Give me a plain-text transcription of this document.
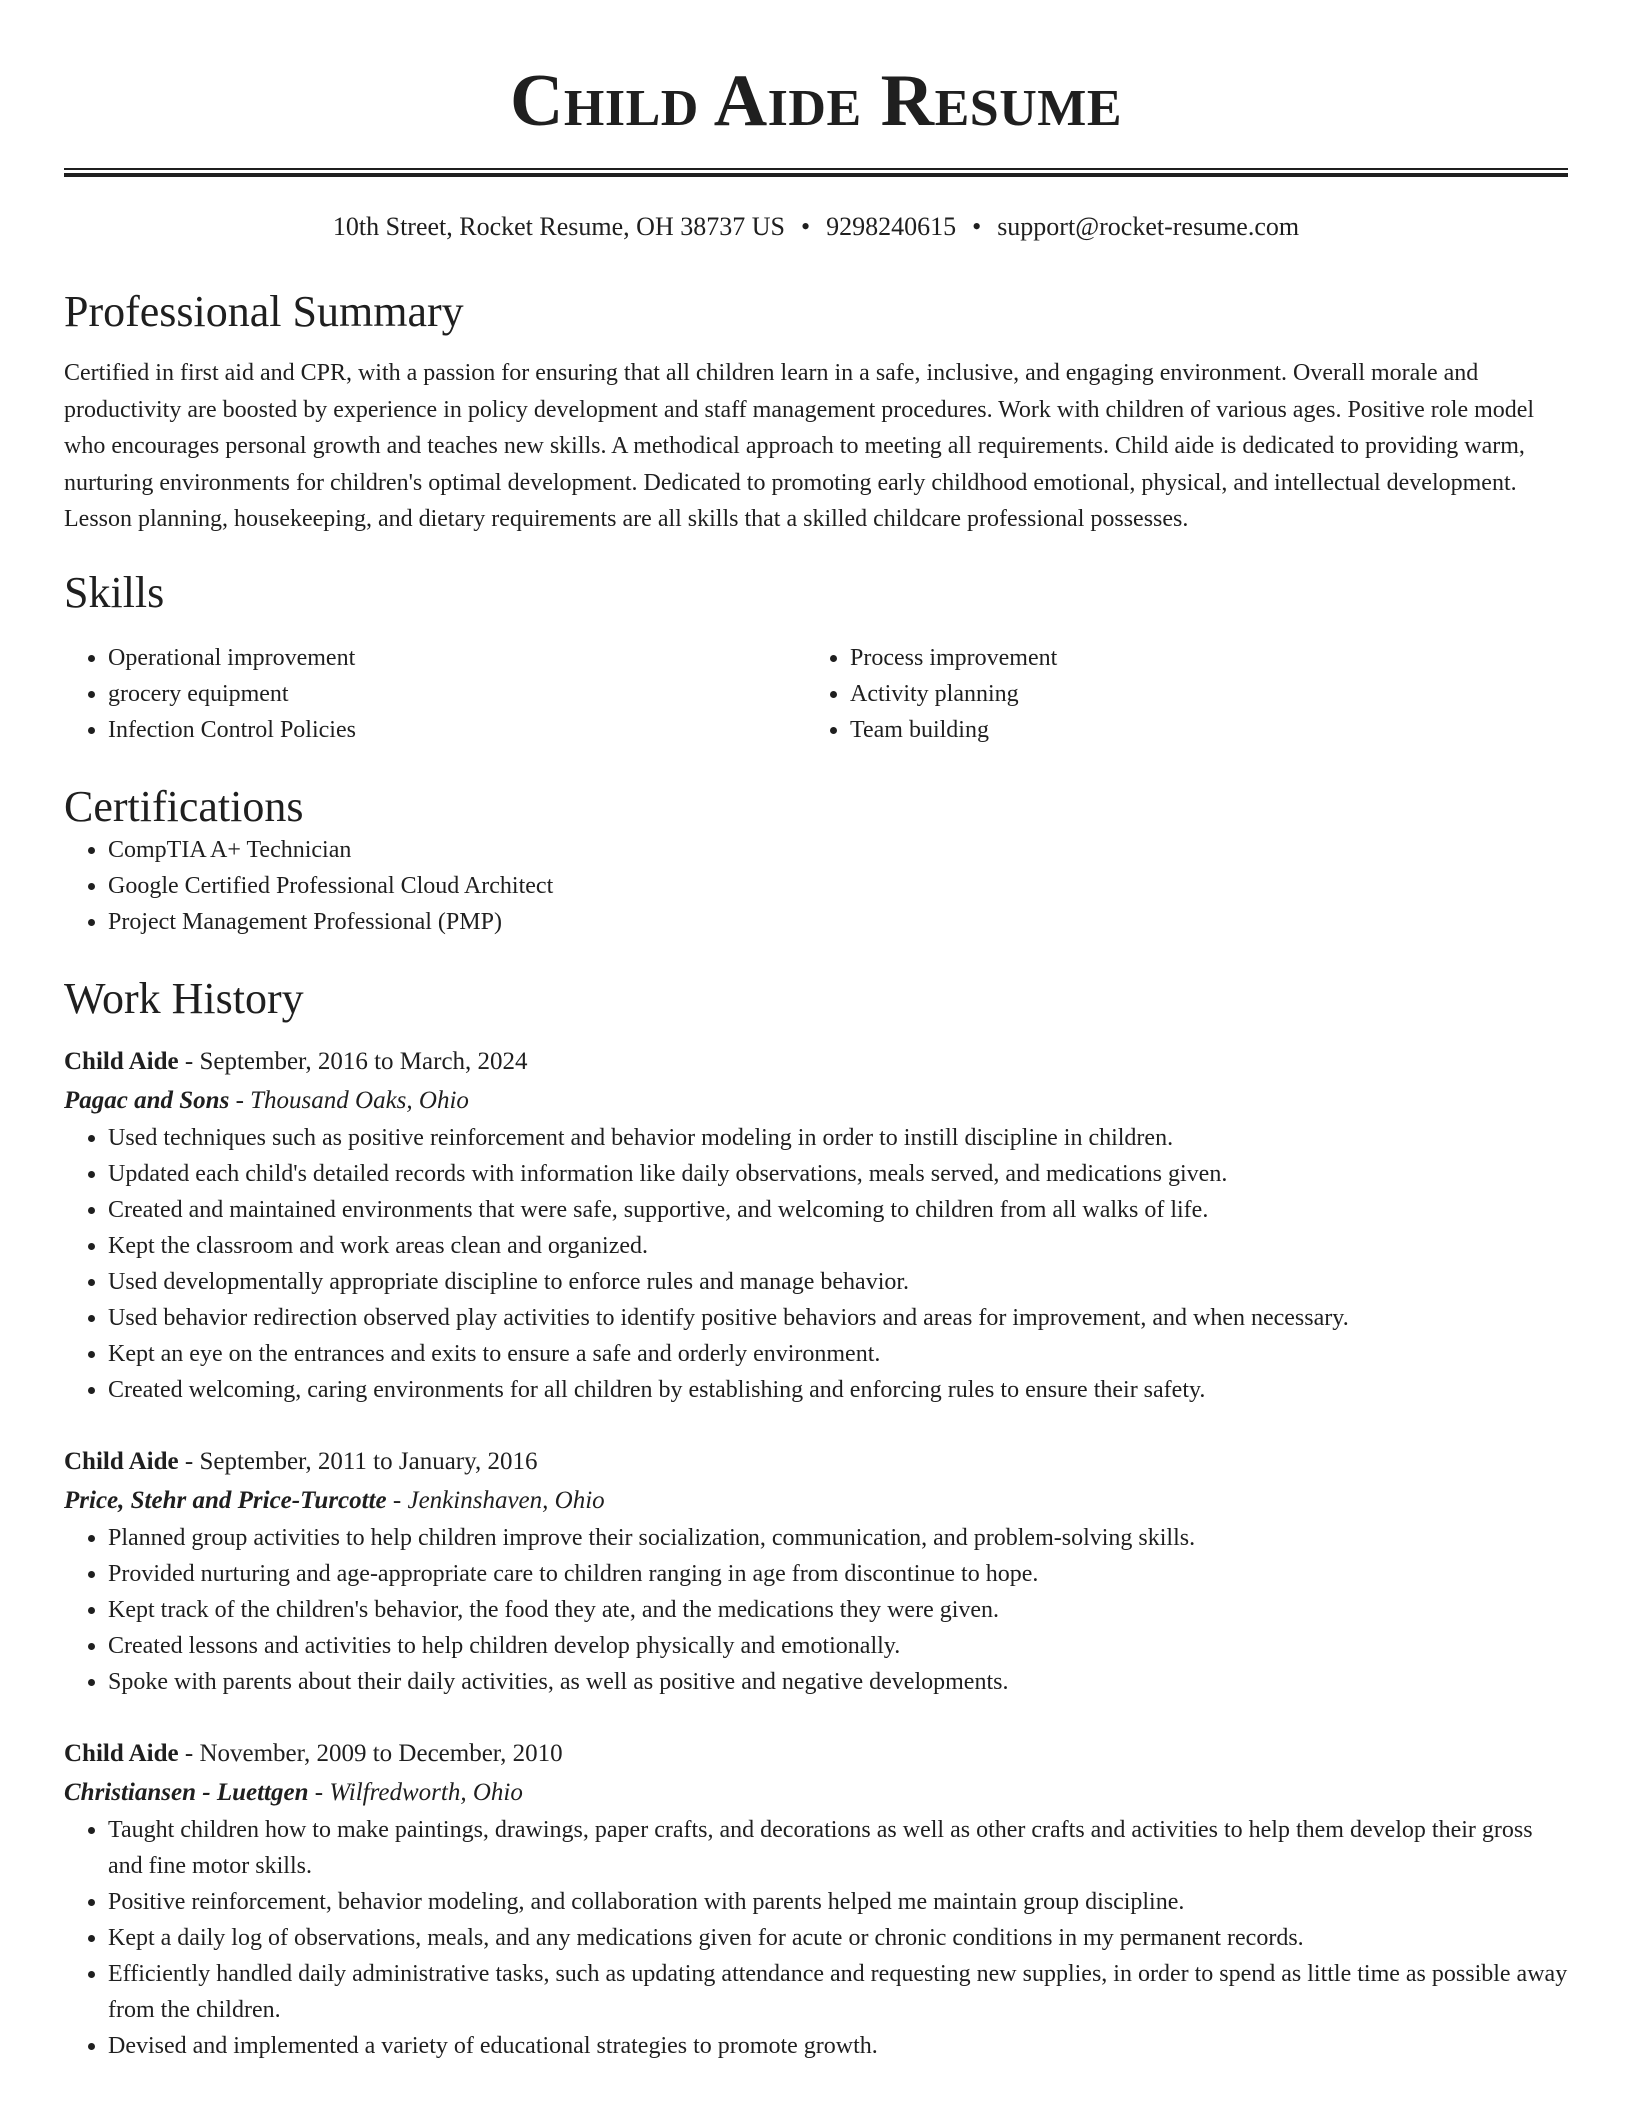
Child Aide Resume
10th Street, Rocket Resume, OH 38737 US • 9298240615 • support@rocket-resume.com
Professional Summary

Certified in first aid and CPR, with a passion for ensuring that all children learn in a safe, inclusive, and engaging environment. Overall morale and productivity are boosted by experience in policy development and staff management procedures. Work with children of various ages. Positive role model who encourages personal growth and teaches new skills. A methodical approach to meeting all requirements. Child aide is dedicated to providing warm, nurturing environments for children's optimal development. Dedicated to promoting early childhood emotional, physical, and intellectual development. Lesson planning, housekeeping, and dietary requirements are all skills that a skilled childcare professional possesses.

Skills
• Operational improvement
• grocery equipment
• Infection Control Policies
• Process improvement
• Activity planning
• Team building
Certifications
• CompTIA A+ Technician
• Google Certified Professional Cloud Architect
• Project Management Professional (PMP)
Work History
Child Aide - September, 2016 to March, 2024
Pagac and Sons - Thousand Oaks, Ohio
• Used techniques such as positive reinforcement and behavior modeling in order to instill discipline in children.
• Updated each child's detailed records with information like daily observations, meals served, and medications given.
• Created and maintained environments that were safe, supportive, and welcoming to children from all walks of life.
• Kept the classroom and work areas clean and organized.
• Used developmentally appropriate discipline to enforce rules and manage behavior.
• Used behavior redirection observed play activities to identify positive behaviors and areas for improvement, and when necessary.
• Kept an eye on the entrances and exits to ensure a safe and orderly environment.
• Created welcoming, caring environments for all children by establishing and enforcing rules to ensure their safety.
Child Aide - September, 2011 to January, 2016
Price, Stehr and Price-Turcotte - Jenkinshaven, Ohio
• Planned group activities to help children improve their socialization, communication, and problem-solving skills.
• Provided nurturing and age-appropriate care to children ranging in age from discontinue to hope.
• Kept track of the children's behavior, the food they ate, and the medications they were given.
• Created lessons and activities to help children develop physically and emotionally.
• Spoke with parents about their daily activities, as well as positive and negative developments.
Child Aide - November, 2009 to December, 2010
Christiansen - Luettgen - Wilfredworth, Ohio
• Taught children how to make paintings, drawings, paper crafts, and decorations as well as other crafts and activities to help them develop their gross and fine motor skills.
• Positive reinforcement, behavior modeling, and collaboration with parents helped me maintain group discipline.
• Kept a daily log of observations, meals, and any medications given for acute or chronic conditions in my permanent records.
• Efficiently handled daily administrative tasks, such as updating attendance and requesting new supplies, in order to spend as little time as possible away from the children.
• Devised and implemented a variety of educational strategies to promote growth.
